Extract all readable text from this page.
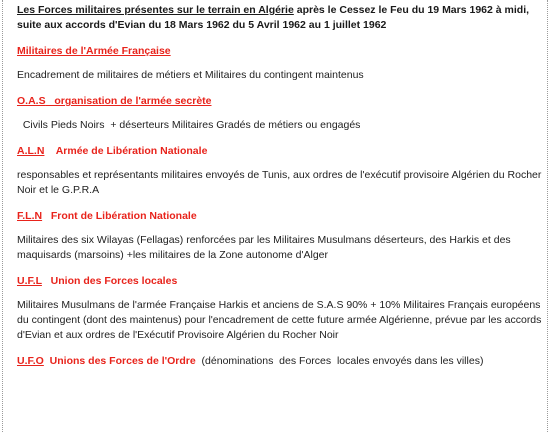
Les Forces militaires présentes sur le terrain en Algérie après le Cessez le Feu du 19 Mars 1962 à midi, suite aux accords d'Evian du 18 Mars 1962 du 5 Avril 1962 au 1 juillet 1962

Militaires de l'Armée Française
Encadrement de militaires de métiers et Militaires du contingent maintenus
O.A.S   organisation de l'armée secrète
Civils Pieds Noirs  + déserteurs Militaires Gradés de métiers ou engagés
A.L.N    Armée de Libération Nationale
responsables et représentants militaires envoyés de Tunis, aux ordres de l'exécutif provisoire Algérien du Rocher Noir et le G.P.R.A
F.L.N   Front de Libération Nationale
Militaires des six Wilayas (Fellagas) renforcées par les Militaires Musulmans déserteurs, des Harkis et des maquisards (marsoins) +les militaires de la Zone autonome d'Alger
U.F.L   Union des Forces locales
Militaires Musulmans de l'armée Française Harkis et anciens de S.A.S 90% + 10% Militaires Français européens du contingent (dont des maintenus) pour l'encadrement de cette future armée Algérienne, prévue par les accords d'Evian et aux ordres de l'Exécutif Provisoire Algérien du Rocher Noir

U.F.O  Unions des Forces de l'Ordre  (dénominations  des Forces  locales envoyés dans les villes)
